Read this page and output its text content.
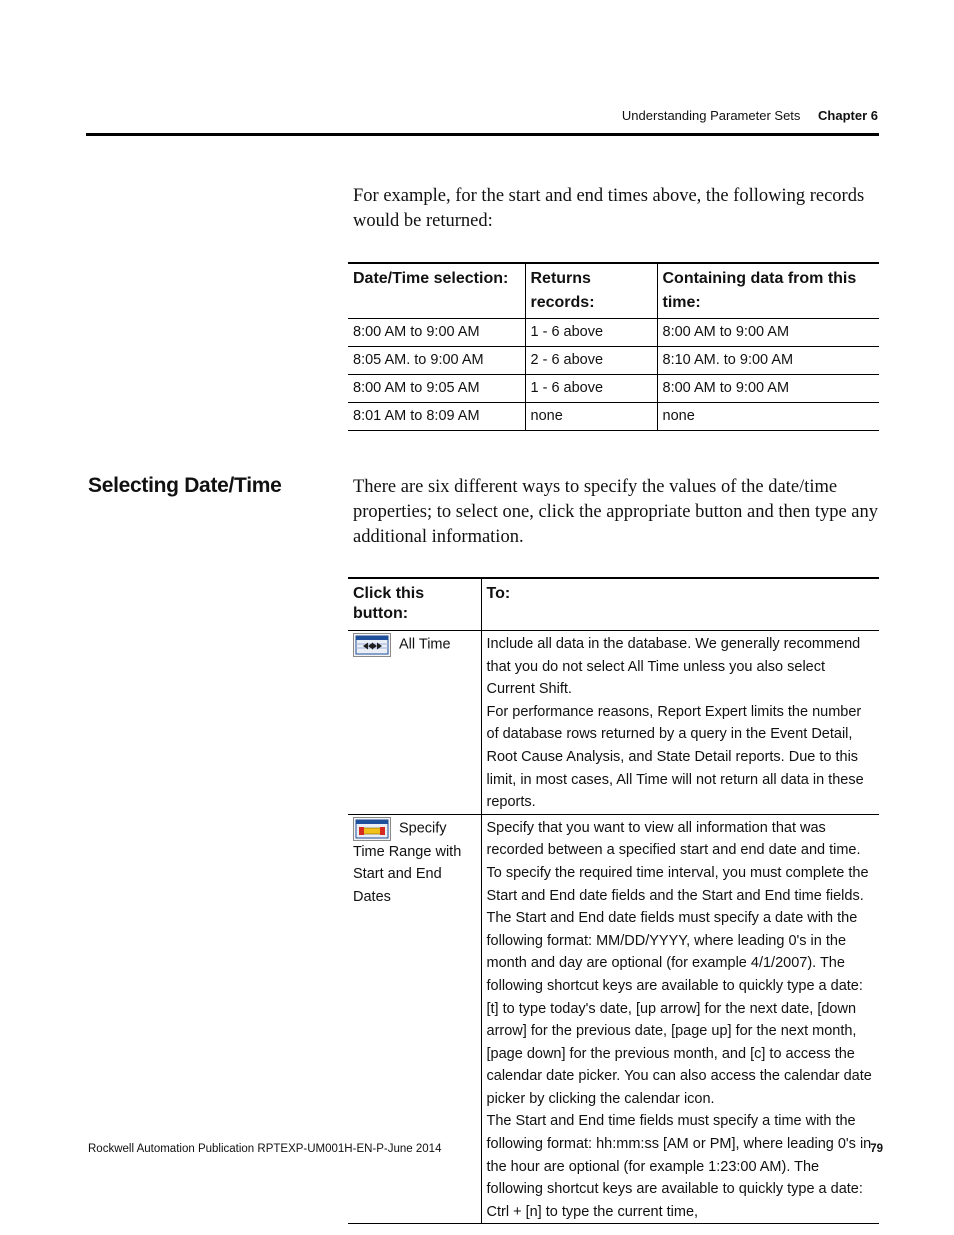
Understanding Parameter Sets Chapter 6
For example, for the start and end times above, the following records would be returned:
Date/Time selection:	Returns records:	Containing data from this time:
8:00 AM to 9:00 AM	1 - 6 above	8:00 AM to 9:00 AM
8:05 AM. to 9:00 AM	2 - 6 above	8:10 AM. to 9:00 AM
8:00 AM to 9:05 AM	1 - 6 above	8:00 AM to 9:00 AM
8:01 AM to 8:09 AM	none	none
Selecting Date/Time	There are six different ways to specify the values of the date/time properties; to select one, click the appropriate button and then type any additional information.
Click this button:	To:
All Time	Include all data in the database. We generally recommend that you do not select All Time unless you also select Current Shift.

For performance reasons, Report Expert limits the number of database rows returned by a query in the Event Detail, Root Cause Analysis, and State Detail reports. Due to this limit, in most cases, All Time will not return all data in these reports.

Specify Time Range with Start and End Dates	Specify that you want to view all information that was recorded between a specified start and end date and time.

To specify the required time interval, you must complete the Start and End date fields and the Start and End time fields.

The Start and End date fields must specify a date with the following format: MM/DD/YYYY, where leading 0's in the month and day are optional (for example 4/1/2007). The following shortcut keys are available to quickly type a date: [t] to type today's date, [up arrow] for the next date, [down arrow] for the previous date, [page up] for the next month, [page down] for the previous month, and [c] to access the calendar date picker. You can also access the calendar date picker by clicking the calendar icon.

The Start and End time fields must specify a time with the following format: hh:mm:ss [AM or PM], where leading 0's in the hour are optional (for example 1:23:00 AM). The following shortcut keys are available to quickly type a date: Ctrl + [n] to type the current time,

Rockwell Automation Publication RPTEXP-UM001H-EN-P-June 2014	79
